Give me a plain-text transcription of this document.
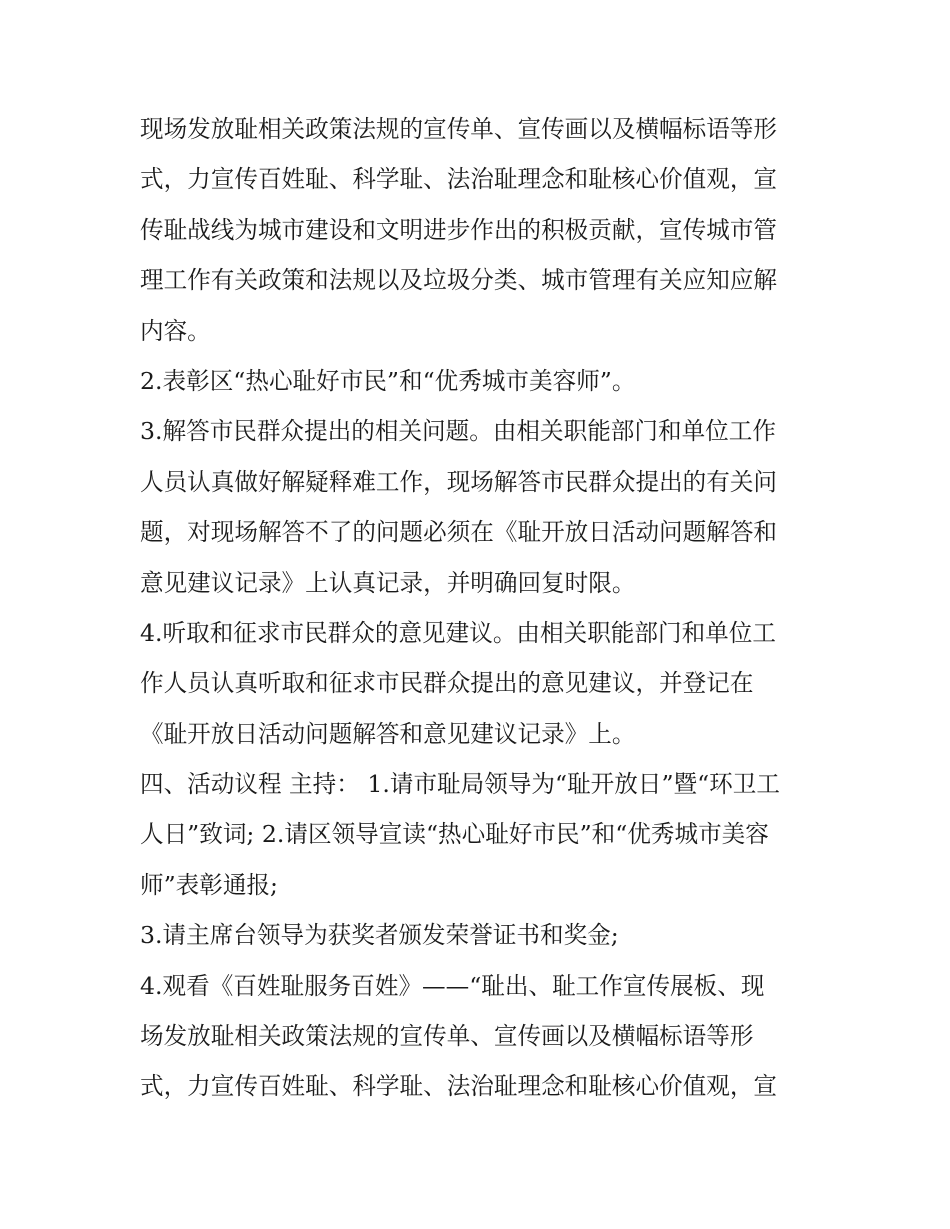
现场发放耻相关政策法规的宣传单、宣传画以及横幅标语等形
式，力宣传百姓耻、科学耻、法治耻理念和耻核心价值观，宣
传耻战线为城市建设和文明进步作出的积极贡献，宣传城市管
理工作有关政策和法规以及垃圾分类、城市管理有关应知应解
内容。
2.表彰区“热心耻好市民”和“优秀城市美容师”。
3.解答市民群众提出的相关问题。由相关职能部门和单位工作
人员认真做好解疑释难工作，现场解答市民群众提出的有关问
题，对现场解答不了的问题必须在《耻开放日活动问题解答和
意见建议记录》上认真记录，并明确回复时限。
4.听取和征求市民群众的意见建议。由相关职能部门和单位工
作人员认真听取和征求市民群众提出的意见建议，并登记在
《耻开放日活动问题解答和意见建议记录》上。
四、活动议程 主持： 1.请市耻局领导为“耻开放日”暨“环卫工
人日”致词; 2.请区领导宣读“热心耻好市民”和“优秀城市美容
师”表彰通报;
3.请主席台领导为获奖者颁发荣誉证书和奖金;
4.观看《百姓耻服务百姓》——“耻出、耻工作宣传展板、现
场发放耻相关政策法规的宣传单、宣传画以及横幅标语等形
式，力宣传百姓耻、科学耻、法治耻理念和耻核心价值观，宣
